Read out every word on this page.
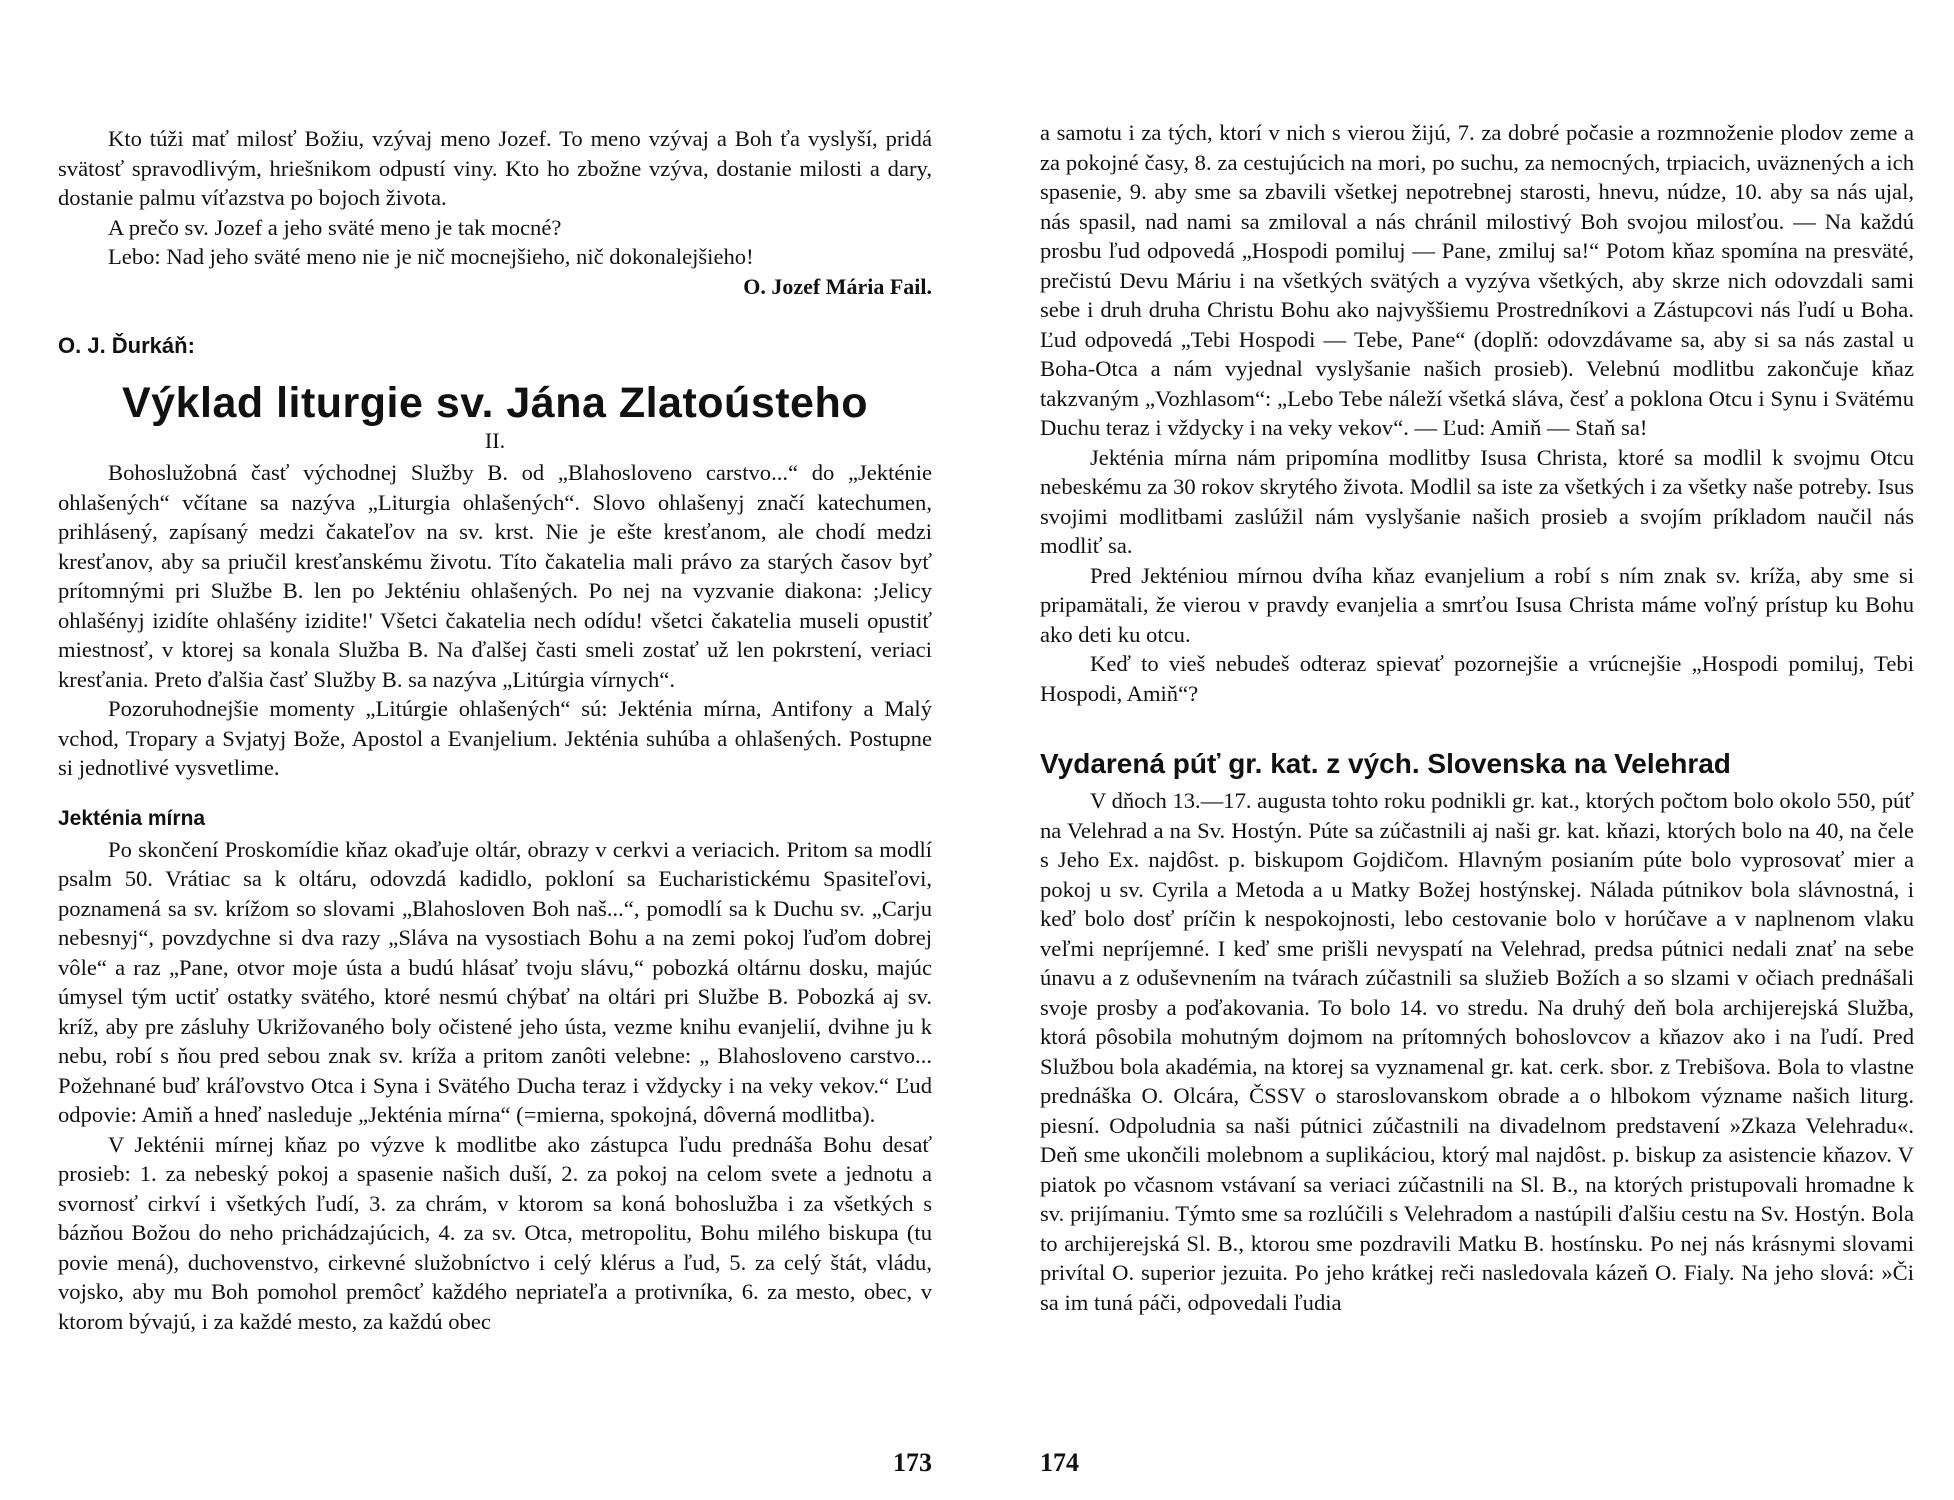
Kto túži mať milosť Božiu, vzývaj meno Jozef. To meno vzývaj a Boh ťa vyslyší, pridá svätosť spravodlivým, hriešnikom odpustí viny. Kto ho zbožne vzýva, dostanie milosti a dary, dostanie palmu víťazstva po bojoch života.

A prečo sv. Jozef a jeho sväté meno je tak mocné?

Lebo: Nad jeho sväté meno nie je nič mocnejšieho, nič dokonalejšieho!

O. Jozef Mária Fail.

O. J. Ďurkáň:
Výklad liturgie sv. Jána Zlatoústeho
II.

Bohoslužobná časť východnej Služby B. od „Blahosloveno carstvo...“ do „Jekténie ohlašených“ včítane sa nazýva „Liturgia ohlašených“. Slovo ohlašenyj značí katechumen, prihlásený, zapísaný medzi čakateľov na sv. krst. Nie je ešte kresťanom, ale chodí medzi kresťanov, aby sa priučil kresťanskému životu. Títo čakatelia mali právo za starých časov byť prítomnými pri Službe B. len po Jekténiu ohlašených. Po nej na vyzvanie diakona: ;Jelicy ohlašényj izidíte ohlašény izidite!' Všetci čakatelia nech odídu! všetci čakatelia museli opustiť miestnosť, v ktorej sa konala Služba B. Na ďalšej časti smeli zostať už len pokrstení, veriaci kresťania. Preto ďalšia časť Služby B. sa nazýva „Litúrgia vírnych“.

Pozoruhodnejšie momenty „Litúrgie ohlašených“ sú: Jekténia mírna, Antifony a Malý vchod, Tropary a Svjatyj Bože, Apostol a Evanjelium. Jekténia suhúba a ohlašených. Postupne si jednotlivé vysvetlime.

Jekténia mírna

Po skončení Proskomídie kňaz okaďuje oltár, obrazy v cerkvi a veriacich. Pritom sa modlí psalm 50. Vrátiac sa k oltáru, odovzdá kadidlo, pokloní sa Eucharistickému Spasiteľovi, poznamená sa sv. krížom so slovami „Blahosloven Boh naš...“, pomodlí sa k Duchu sv. „Carju nebesnyj“, povzdychne si dva razy „Sláva na vysostiach Bohu a na zemi pokoj ľuďom dobrej vôle“ a raz „Pane, otvor moje ústa a budú hlásať tvoju slávu,“ pobozká oltárnu dosku, majúc úmysel tým uctiť ostatky svätého, ktoré nesmú chýbať na oltári pri Službe B. Pobozká aj sv. kríž, aby pre zásluhy Ukrižovaného boly očistené jeho ústa, vezme knihu evanjelií, dvihne ju k nebu, robí s ňou pred sebou znak sv. kríža a pritom zanôti velebne: „ Blahosloveno carstvo... Požehnané buď kráľovstvo Otca i Syna i Svätého Ducha teraz i vždycky i na veky vekov.“ Ľud odpovie: Amiň a hneď nasleduje „Jekténia mírna“ (=mierna, spokojná, dôverná modlitba).

V Jekténii mírnej kňaz po výzve k modlitbe ako zástupca ľudu prednáša Bohu desať prosieb: 1. za nebeský pokoj a spasenie našich duší, 2. za pokoj na celom svete a jednotu a svornosť cirkví i všetkých ľudí, 3. za chrám, v ktorom sa koná bohoslužba i za všetkých s bázňou Božou do neho prichádzajúcich, 4. za sv. Otca, metropolitu, Bohu milého biskupa (tu povie mená), duchovenstvo, cirkevné služobníctvo i celý klérus a ľud, 5. za celý štát, vládu, vojsko, aby mu Boh pomohol premôcť každého nepriateľa a protivníka, 6. za mesto, obec, v ktorom bývajú, i za každé mesto, za každú obec

173

a samotu i za tých, ktorí v nich s vierou žijú, 7. za dobré počasie a rozmnoženie plodov zeme a za pokojné časy, 8. za cestujúcich na mori, po suchu, za nemocných, trpiacich, uväznených a ich spasenie, 9. aby sme sa zbavili všetkej nepotrebnej starosti, hnevu, núdze, 10. aby sa nás ujal, nás spasil, nad nami sa zmiloval a nás chránil milostivý Boh svojou milosťou. — Na každú prosbu ľud odpovedá „Hospodi pomiluj — Pane, zmiluj sa!“ Potom kňaz spomína na presväté, prečistú Devu Máriu i na všetkých svätých a vyzýva všetkých, aby skrze nich odovzdali sami sebe i druh druha Christu Bohu ako najvyššiemu Prostredníkovi a Zástupcovi nás ľudí u Boha. Ľud odpovedá „Tebi Hospodi — Tebe, Pane“ (doplň: odovzdávame sa, aby si sa nás zastal u Boha-Otca a nám vyjednal vyslyšanie našich prosieb). Velebnú modlitbu zakončuje kňaz takzvaným „Vozhlasom“: „Lebo Tebe náleží všetká sláva, česť a poklona Otcu i Synu i Svätému Duchu teraz i vždycky i na veky vekov“. — Ľud: Amiň — Staň sa!

Jekténia mírna nám pripomína modlitby Isusa Christa, ktoré sa modlil k svojmu Otcu nebeskému za 30 rokov skrytého života. Modlil sa iste za všetkých i za všetky naše potreby. Isus svojimi modlitbami zaslúžil nám vyslyšanie našich prosieb a svojím príkladom naučil nás modliť sa.

Pred Jekténiou mírnou dvíha kňaz evanjelium a robí s ním znak sv. kríža, aby sme si pripamätali, že vierou v pravdy evanjelia a smrťou Isusa Christa máme voľný prístup ku Bohu ako deti ku otcu.

Keď to vieš nebudeš odteraz spievať pozornejšie a vrúcnejšie „Hospodi pomiluj, Tebi Hospodi, Amiň“?

Vydarená púť gr. kat. z vých. Slovenska na Velehrad

V dňoch 13.—17. augusta tohto roku podnikli gr. kat., ktorých počtom bolo okolo 550, púť na Velehrad a na Sv. Hostýn. Púte sa zúčastnili aj naši gr. kat. kňazi, ktorých bolo na 40, na čele s Jeho Ex. najdôst. p. biskupom Gojdičom. Hlavným posianím púte bolo vyprosovať mier a pokoj u sv. Cyrila a Metoda a u Matky Božej hostýnskej. Nálada pútnikov bola slávnostná, i keď bolo dosť príčin k nespokojnosti, lebo cestovanie bolo v horúčave a v naplnenom vlaku veľmi nepríjemné. I keď sme prišli nevyspatí na Velehrad, predsa pútnici nedali znať na sebe únavu a z oduševnením na tvárach zúčastnili sa služieb Božích a so slzami v očiach prednášali svoje prosby a poďakovania. To bolo 14. vo stredu. Na druhý deň bola archijerejská Služba, ktorá pôsobila mohutným dojmom na prítomných bohoslovcov a kňazov ako i na ľudí. Pred Službou bola akadémia, na ktorej sa vyznamenal gr. kat. cerk. sbor. z Trebišova. Bola to vlastne prednáška O. Olcára, ČSSV o staroslovanskom obrade a o hlbokom význame našich liturg. piesní. Odpoludnia sa naši pútnici zúčastnili na divadelnom predstavení »Zkaza Velehradu«. Deň sme ukončili molebnom a suplikáciou, ktorý mal najdôst. p. biskup za asistencie kňazov. V piatok po včasnom vstávaní sa veriaci zúčastnili na Sl. B., na ktorých pristupovali hromadne k sv. prijímaniu. Týmto sme sa rozlúčili s Velehradom a nastúpili ďalšiu cestu na Sv. Hostýn. Bola to archijerejská Sl. B., ktorou sme pozdravili Matku B. hostínsku. Po nej nás krásnymi slovami privítal O. superior jezuita. Po jeho krátkej reči nasledovala kázeň O. Fialy. Na jeho slová: »Či sa im tuná páči, odpovedali ľudia

174
